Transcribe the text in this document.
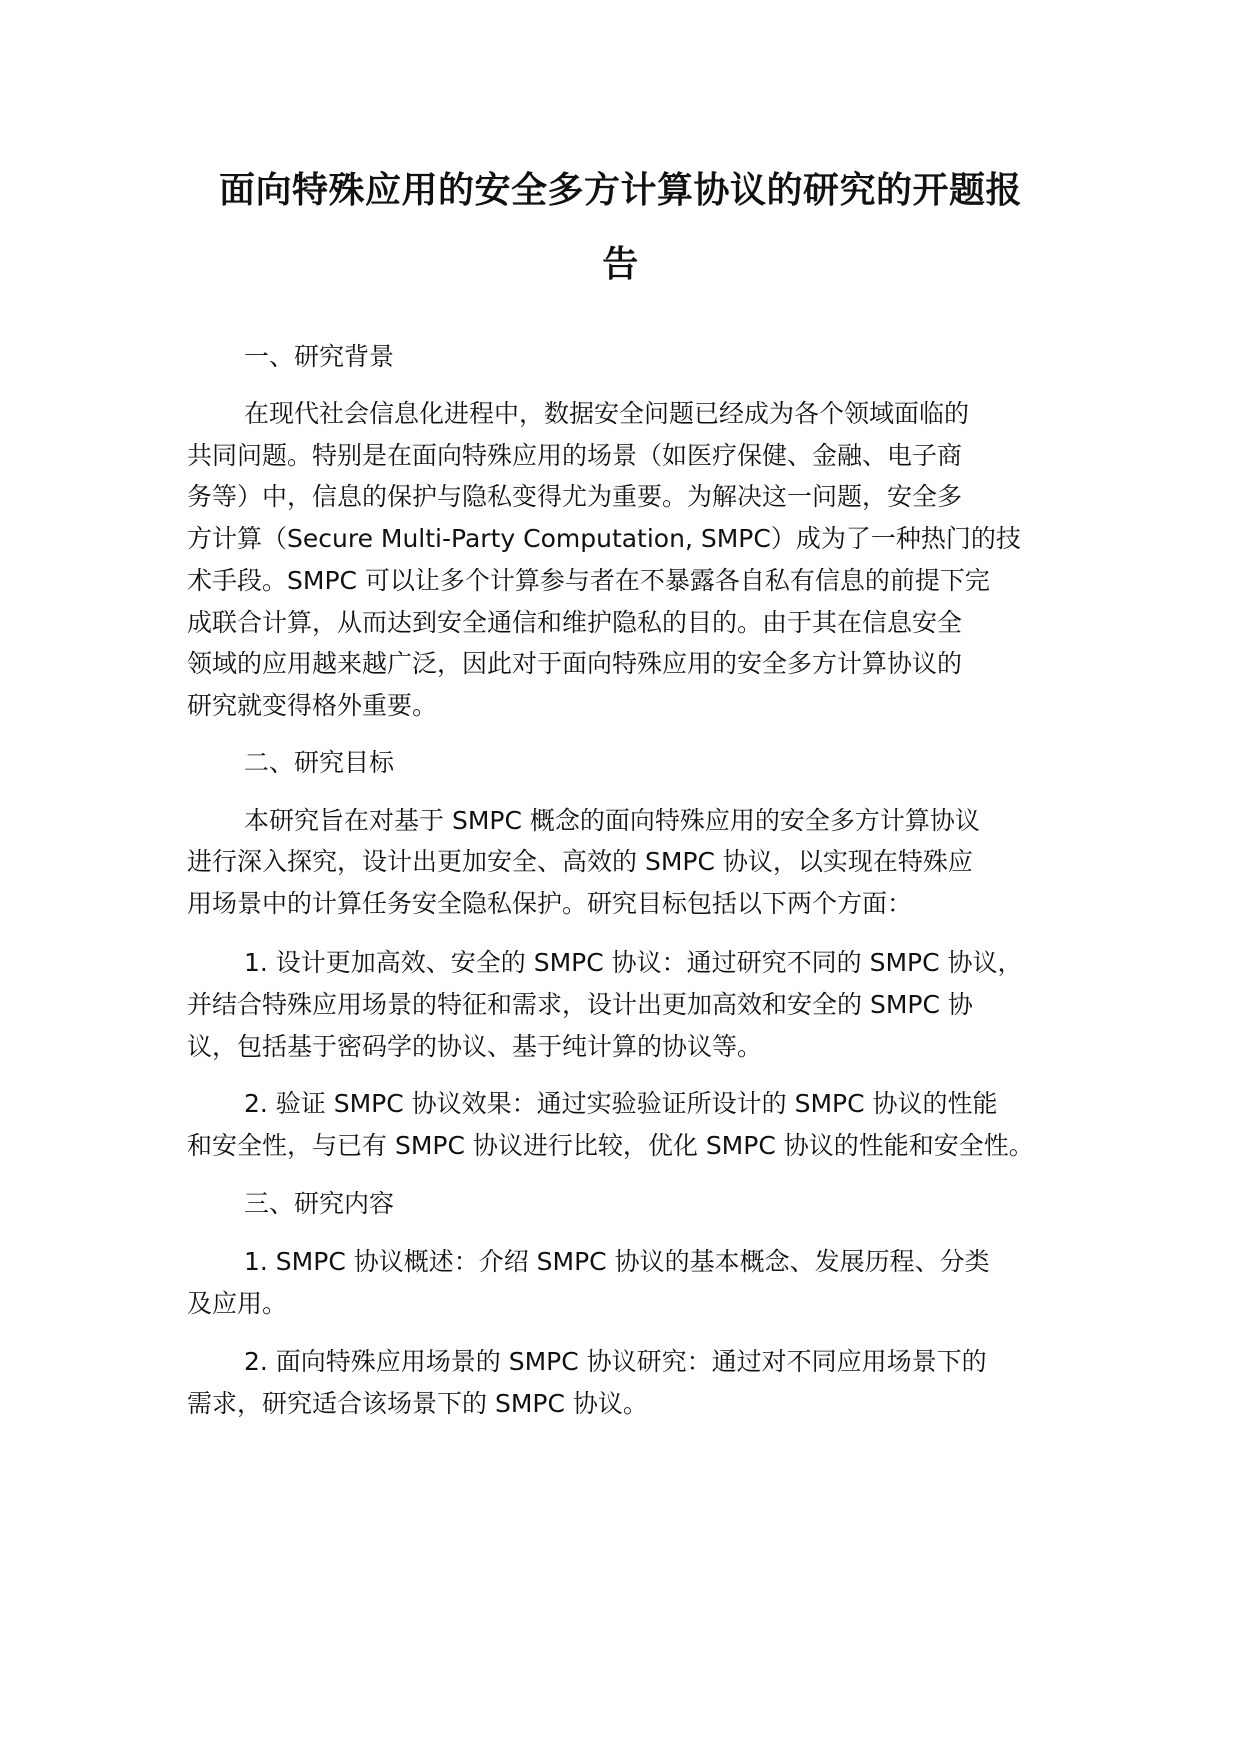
面向特殊应用的安全多方计算协议的研究的开题报
告
一、研究背景
在现代社会信息化进程中，数据安全问题已经成为各个领域面临的
共同问题。特别是在面向特殊应用的场景（如医疗保健、金融、电子商
务等）中，信息的保护与隐私变得尤为重要。为解决这一问题，安全多
方计算（Secure Multi-Party Computation, SMPC）成为了一种热门的技
术手段。SMPC 可以让多个计算参与者在不暴露各自私有信息的前提下完
成联合计算，从而达到安全通信和维护隐私的目的。由于其在信息安全
领域的应用越来越广泛，因此对于面向特殊应用的安全多方计算协议的
研究就变得格外重要。
二、研究目标
本研究旨在对基于 SMPC 概念的面向特殊应用的安全多方计算协议
进行深入探究，设计出更加安全、高效的 SMPC 协议，以实现在特殊应
用场景中的计算任务安全隐私保护。研究目标包括以下两个方面：
1. 设计更加高效、安全的 SMPC 协议：通过研究不同的 SMPC 协议，
并结合特殊应用场景的特征和需求，设计出更加高效和安全的 SMPC 协
议，包括基于密码学的协议、基于纯计算的协议等。
2. 验证 SMPC 协议效果：通过实验验证所设计的 SMPC 协议的性能
和安全性，与已有 SMPC 协议进行比较，优化 SMPC 协议的性能和安全性。
三、研究内容
1. SMPC 协议概述：介绍 SMPC 协议的基本概念、发展历程、分类
及应用。
2. 面向特殊应用场景的 SMPC 协议研究：通过对不同应用场景下的
需求，研究适合该场景下的 SMPC 协议。
